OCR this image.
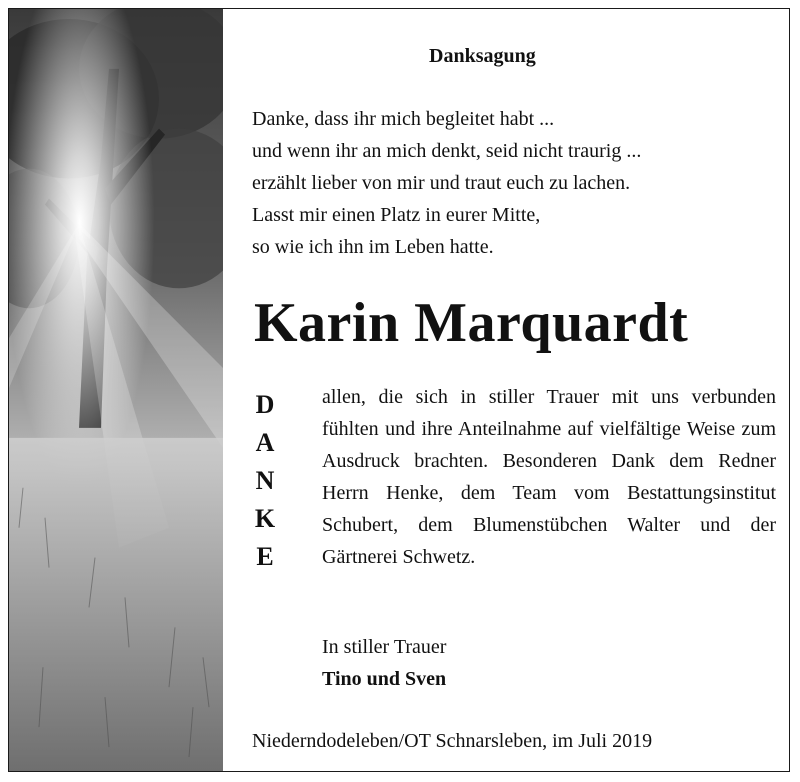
Danksagung
Danke, dass ihr mich begleitet habt ...
und wenn ihr an mich denkt, seid nicht traurig ...
erzählt lieber von mir und traut euch zu lachen.
Lasst mir einen Platz in eurer Mitte,
so wie ich ihn im Leben hatte.
Karin Marquardt
D
A
N
K
E

allen, die sich in stiller Trauer mit uns verbunden fühlten und ihre Anteilnahme auf vielfältige Weise zum Ausdruck brachten. Besonderen Dank dem Redner Herrn Henke, dem Team vom Bestattungsinstitut Schubert, dem Blumenstübchen Walter und der Gärtnerei Schwetz.

In stiller Trauer
Tino und Sven

Niederndodeleben/OT Schnarsleben, im Juli 2019
